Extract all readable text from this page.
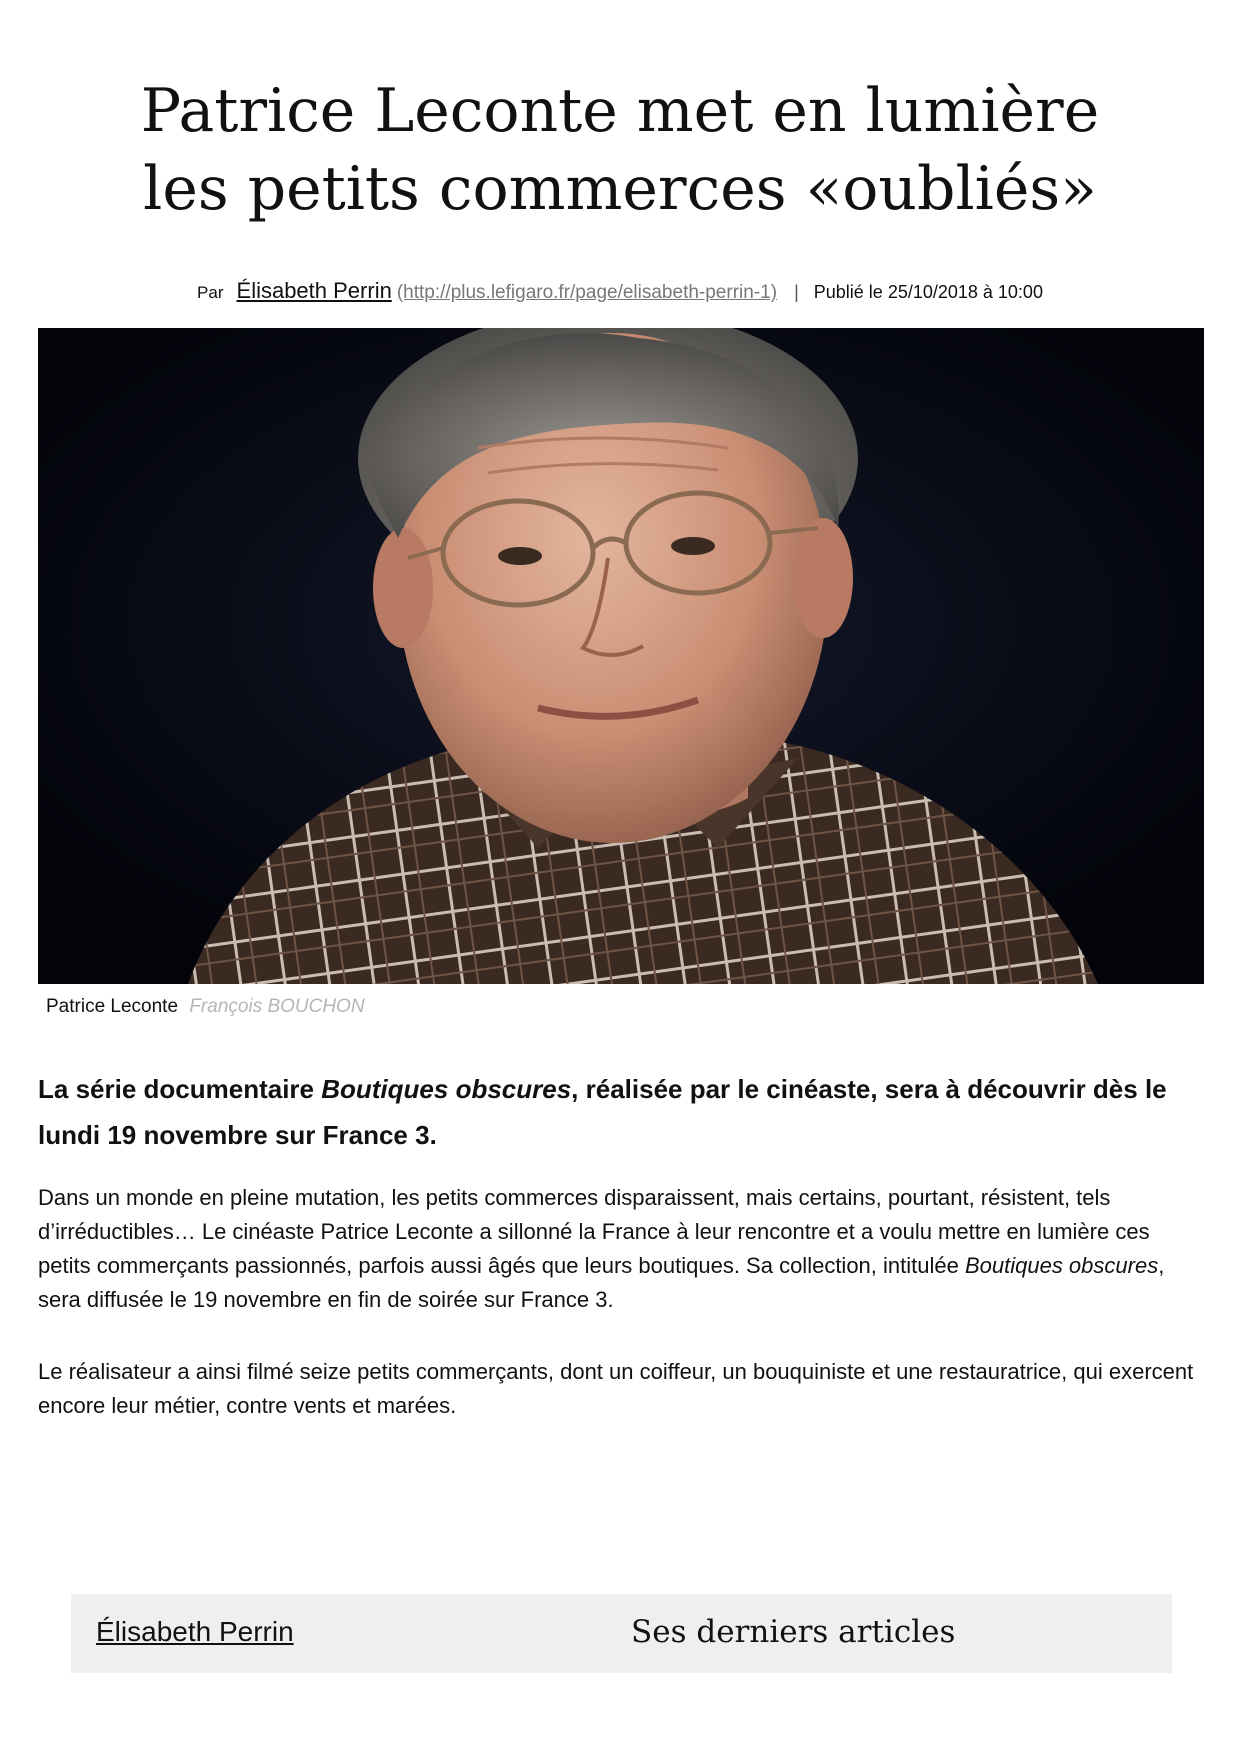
Patrice Leconte met en lumière
les petits commerces «oubliés»
Par Élisabeth Perrin (http://plus.lefigaro.fr/page/elisabeth-perrin-1) | Publié le 25/10/2018 à 10:00
Patrice Leconte François BOUCHON

La série documentaire Boutiques obscures, réalisée par le cinéaste, sera à découvrir dès le lundi 19 novembre sur France 3.

Dans un monde en pleine mutation, les petits commerces disparaissent, mais certains, pourtant, résistent, tels d’irréductibles… Le cinéaste Patrice Leconte a sillonné la France à leur rencontre et a voulu mettre en lumière ces petits commerçants passionnés, parfois aussi âgés que leurs boutiques. Sa collection, intitulée Boutiques obscures, sera diffusée le 19 novembre en fin de soirée sur France 3.

Le réalisateur a ainsi filmé seize petits commerçants, dont un coiffeur, un bouquiniste et une restauratrice, qui exercent encore leur métier, contre vents et marées.

Élisabeth Perrin	Ses derniers articles
